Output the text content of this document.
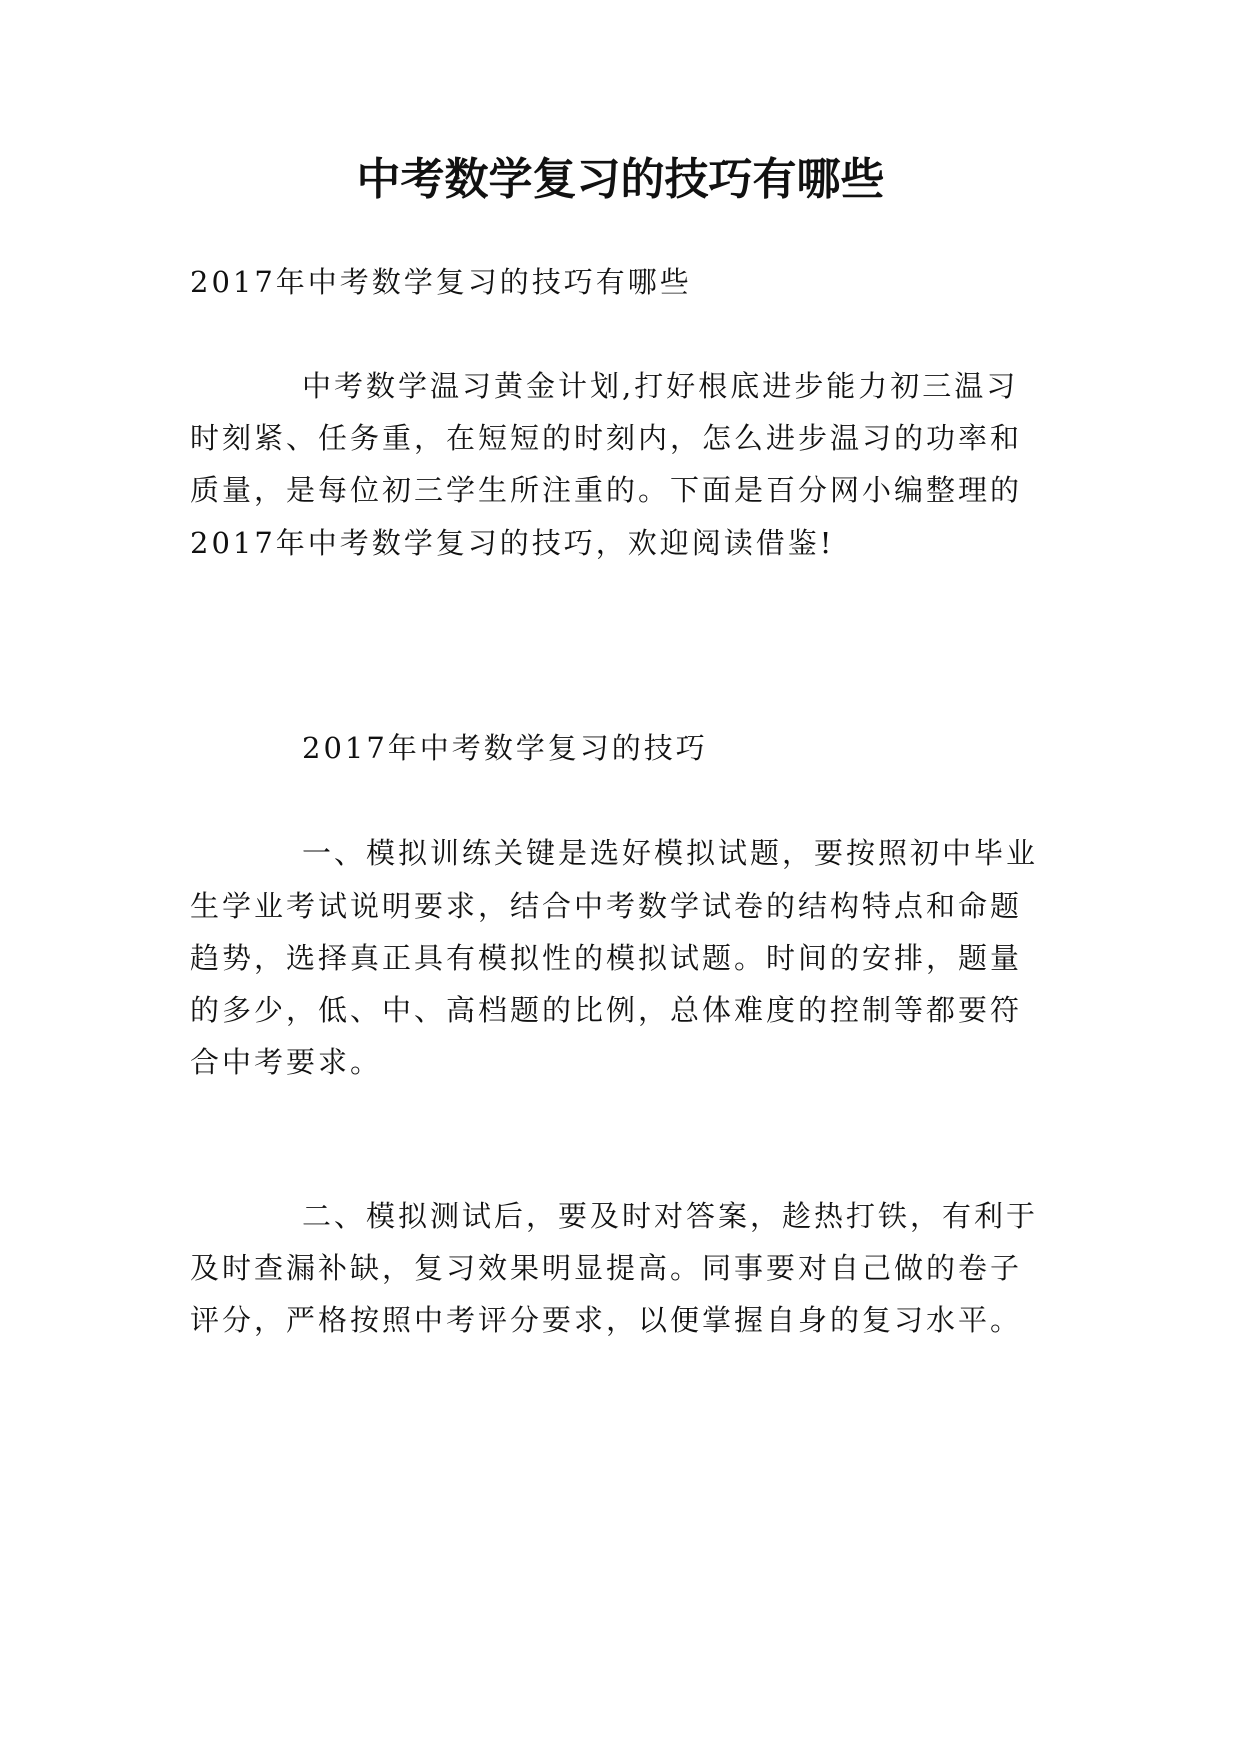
中考数学复习的技巧有哪些

2017年中考数学复习的技巧有哪些

中考数学温习黄金计划,打好根底进步能力初三温习

时刻紧、任务重，在短短的时刻内，怎么进步温习的功率和

质量，是每位初三学生所注重的。下面是百分网小编整理的

2017年中考数学复习的技巧，欢迎阅读借鉴!

2017年中考数学复习的技巧

一、模拟训练关键是选好模拟试题，要按照初中毕业

生学业考试说明要求，结合中考数学试卷的结构特点和命题

趋势，选择真正具有模拟性的模拟试题。时间的安排，题量

的多少，低、中、高档题的比例，总体难度的控制等都要符

合中考要求。

二、模拟测试后，要及时对答案，趁热打铁，有利于

及时查漏补缺，复习效果明显提高。同事要对自己做的卷子

评分，严格按照中考评分要求，以便掌握自身的复习水平。
